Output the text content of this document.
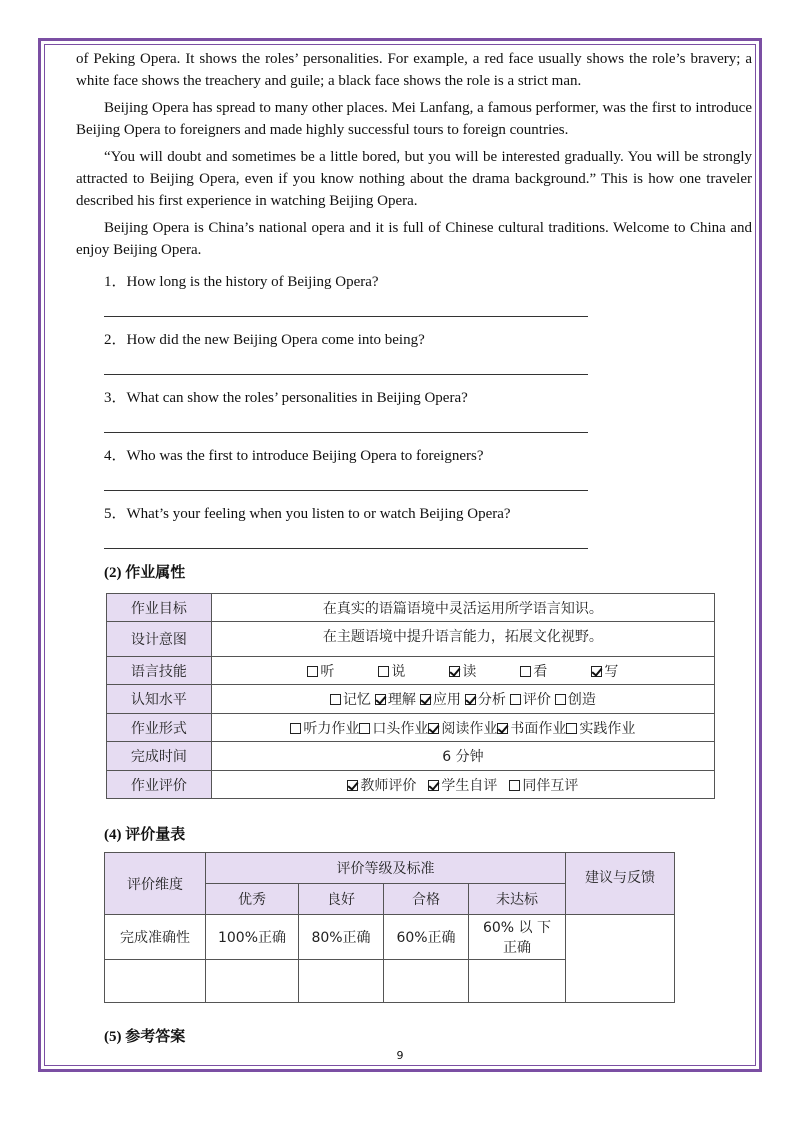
of Peking Opera. It shows the roles’ personalities. For example, a red face usually shows the role’s bravery; a white face shows the treachery and guile; a black face shows the role is a strict man.

Beijing Opera has spread to many other places. Mei Lanfang, a famous performer, was the first to introduce Beijing Opera to foreigners and made highly successful tours to foreign countries.

“You will doubt and sometimes be a little bored, but you will be interested gradually. You will be strongly attracted to Beijing Opera, even if you know nothing about the drama background.” This is how one traveler described his first experience in watching Beijing Opera.

Beijing Opera is China’s national opera and it is full of Chinese cultural traditions. Welcome to China and enjoy Beijing Opera.

1．How long is the history of Beijing Opera?
2．How did the new Beijing Opera come into being?
3．What can show the roles’ personalities in Beijing Opera?
4．Who was the first to introduce Beijing Opera to foreigners?
5．What’s your feeling when you listen to or watch Beijing Opera?
(2) 作业属性
作业目标	在真实的语篇语境中灵活运用所学语言知识。
设计意图	在主题语境中提升语言能力，拓展文化视野。
语言技能	听 说 读 看 写
认知水平	记忆 理解 应用 分析 评价 创造
作业形式	听力作业 口头作业 阅读作业 书面作业 实践作业
完成时间	6 分钟
作业评价	教师评价 学生自评 同伴互评
(4) 评价量表
评价维度	评价等级及标准				建议与反馈
	优秀	良好	合格	未达标	
完成准确性	100%正确	80%正确	60%正确	60% 以 下 正确	

(5) 参考答案
9
